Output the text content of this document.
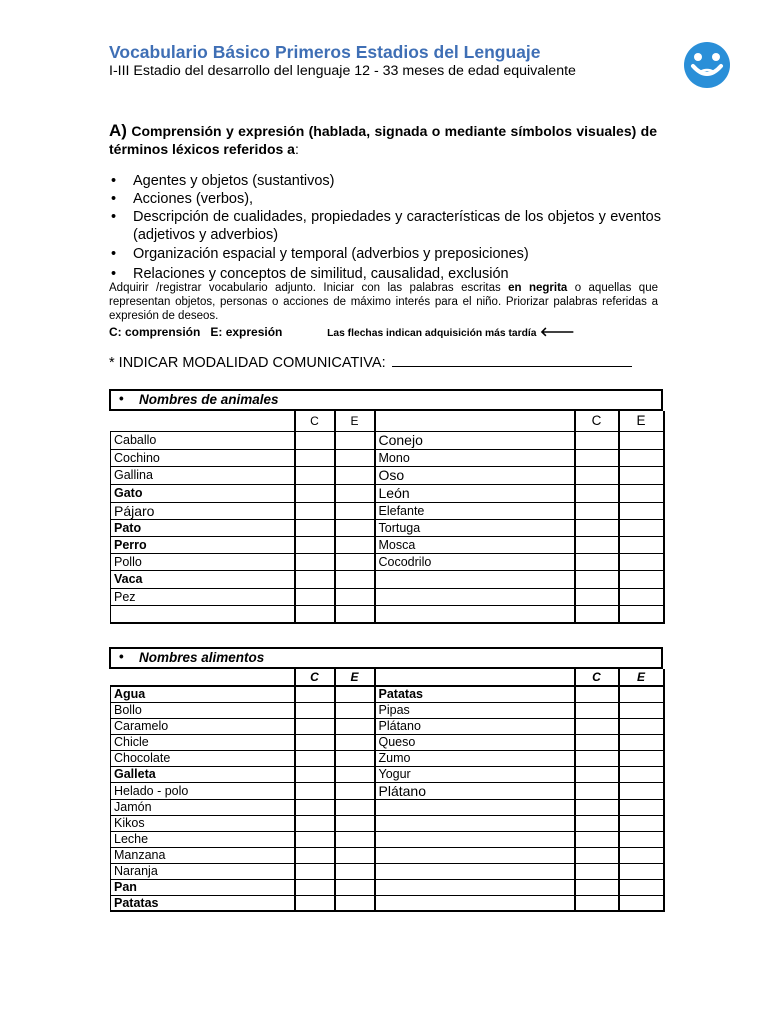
Vocabulario Básico Primeros Estadios del Lenguaje
I-III Estadio del desarrollo del lenguaje 12 - 33 meses de edad equivalente
A) Comprensión y expresión (hablada, signada o mediante símbolos visuales) de términos léxicos referidos a:
• Agentes y objetos (sustantivos)
• Acciones (verbos),
• Descripción de cualidades, propiedades y características de los objetos y eventos (adjetivos y adverbios)
• Organización espacial y temporal (adverbios y preposiciones)
• Relaciones y conceptos de similitud, causalidad, exclusión
Adquirir /registrar vocabulario adjunto. Iniciar con las palabras escritas en negrita o aquellas que representan objetos, personas o acciones de máximo interés para el niño. Priorizar palabras referidas a expresión de deseos.
C: comprensión E: expresión	Las flechas indican adquisición más tardía 🡐
* INDICAR MODALIDAD COMUNICATIVA:
• Nombres de animales
	C	E		C	E
Caballo			Conejo		
Cochino			Mono		
Gallina			Oso		
Gato			León		
Pájaro			Elefante		
Pato			Tortuga		
Perro			Mosca		
Pollo			Cocodrilo		
Vaca					
Pez					

• Nombres alimentos
	C	E		C	E
Agua			Patatas		
Bollo			Pipas		
Caramelo			Plátano		
Chicle			Queso		
Chocolate			Zumo		
Galleta			Yogur		
Helado - polo			Plátano		
Jamón					
Kikos					
Leche					
Manzana					
Naranja					
Pan					
Patatas					
